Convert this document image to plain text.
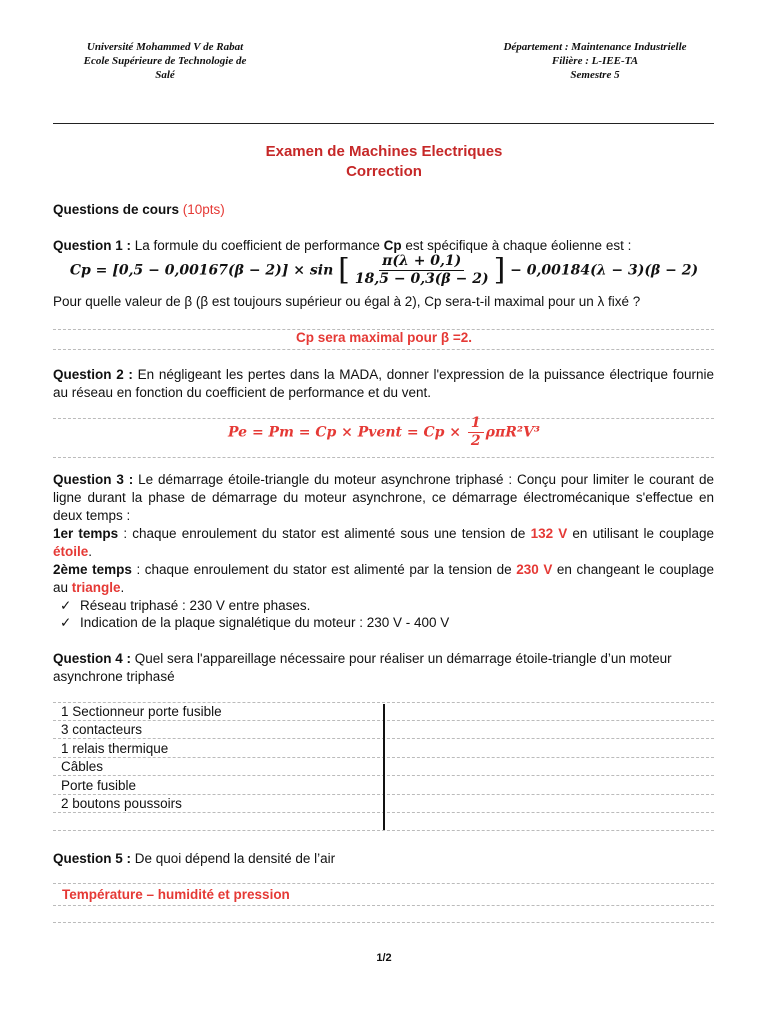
Université Mohammed V de Rabat
Ecole Supérieure de Technologie de
Salé
Département : Maintenance Industrielle
Filière : L-IEE-TA
Semestre 5
Examen de Machines Electriques
Correction
Questions de cours (10pts)
Question 1 : La formule du coefficient de performance Cp est spécifique à chaque éolienne est :
Cp = [0,5 − 0,00167(β − 2)] × sin [ $\frac{\pi(\lambda + 0,1)}{18,5 - 0,3(\beta - 2)}$ ] − 0,00184(λ − 3)(β − 2)
Pour quelle valeur de β (β est toujours supérieur ou égal à 2), Cp sera-t-il maximal pour un λ fixé ?
Cp sera maximal pour β =2.
Question 2 : En négligeant les pertes dans la MADA, donner l'expression de la puissance électrique fournie au réseau en fonction du coefficient de performance et du vent.
Pe = Pm = Cp × Pvent = $Cp \times \frac{1}{2} \rho\pi R^2V^3$
Question 3 : Le démarrage étoile-triangle du moteur asynchrone triphasé : Conçu pour limiter le courant de ligne durant la phase de démarrage du moteur asynchrone, ce démarrage électromécanique s'effectue en deux temps :
1er temps : chaque enroulement du stator est alimenté sous une tension de 132 V en utilisant le couplage étoile.
2ème temps : chaque enroulement du stator est alimenté par la tension de 230 V en changeant le couplage au triangle.
✓ Réseau triphasé : 230 V entre phases.
✓ Indication de la plaque signalétique du moteur : 230 V - 400 V
Question 4 : Quel sera l'appareillage nécessaire pour réaliser un démarrage étoile-triangle d’un moteur asynchrone triphasé
1 Sectionneur porte fusible
3 contacteurs
1 relais thermique
Câbles
Porte fusible
2 boutons poussoirs
Question 5 : De quoi dépend la densité de l’air
Température – humidité et pression
1/2
